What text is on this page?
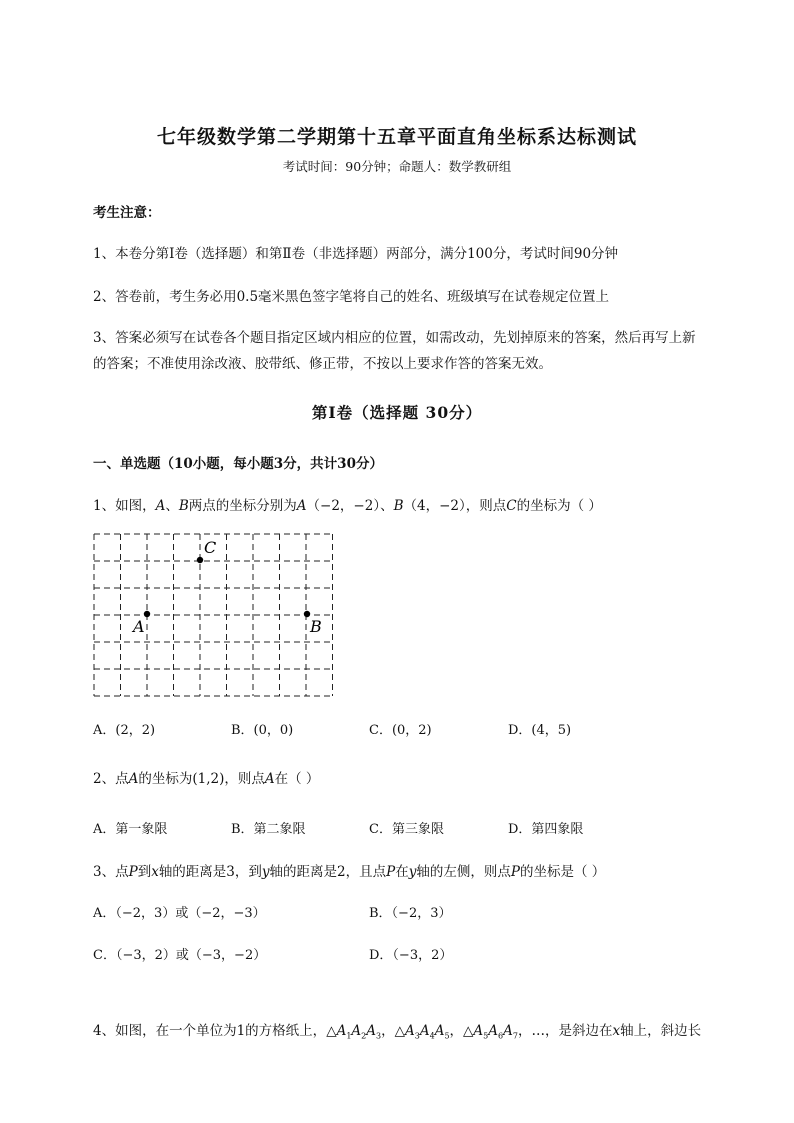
七年级数学第二学期第十五章平面直角坐标系达标测试
考试时间：90分钟；命题人：数学教研组
考生注意：
1、本卷分第I卷（选择题）和第Ⅱ卷（非选择题）两部分，满分100分，考试时间90分钟
2、答卷前，考生务必用0.5毫米黑色签字笔将自己的姓名、班级填写在试卷规定位置上
3、答案必须写在试卷各个题目指定区域内相应的位置，如需改动，先划掉原来的答案，然后再写上新
的答案；不准使用涂改液、胶带纸、修正带，不按以上要求作答的答案无效。
第I卷（选择题 30分）
一、单选题（10小题，每小题3分，共计30分）
1、如图，A、B两点的坐标分别为A（−2，−2）、B（4，−2），则点C的坐标为（ ）
A	B
C
A．(2，2)	B．(0，0)	C．(0，2)	D．(4，5)
2、点A的坐标为(1,2)，则点A在（ ）
A．第一象限	B．第二象限	C．第三象限	D．第四象限
3、点P到x轴的距离是3，到y轴的距离是2，且点P在y轴的左侧，则点P的坐标是（ ）
A．（−2，3）或（−2，−3）	B．（−2，3）
C．（−3，2）或（−3，−2）	D．（−3，2）
4、如图，在一个单位为1的方格纸上，$\triangle A_1A_2A_3$，$\triangle A_3A_4A_5$，$\triangle A_5A_6A_7$，…，是斜边在x轴上，斜边长
